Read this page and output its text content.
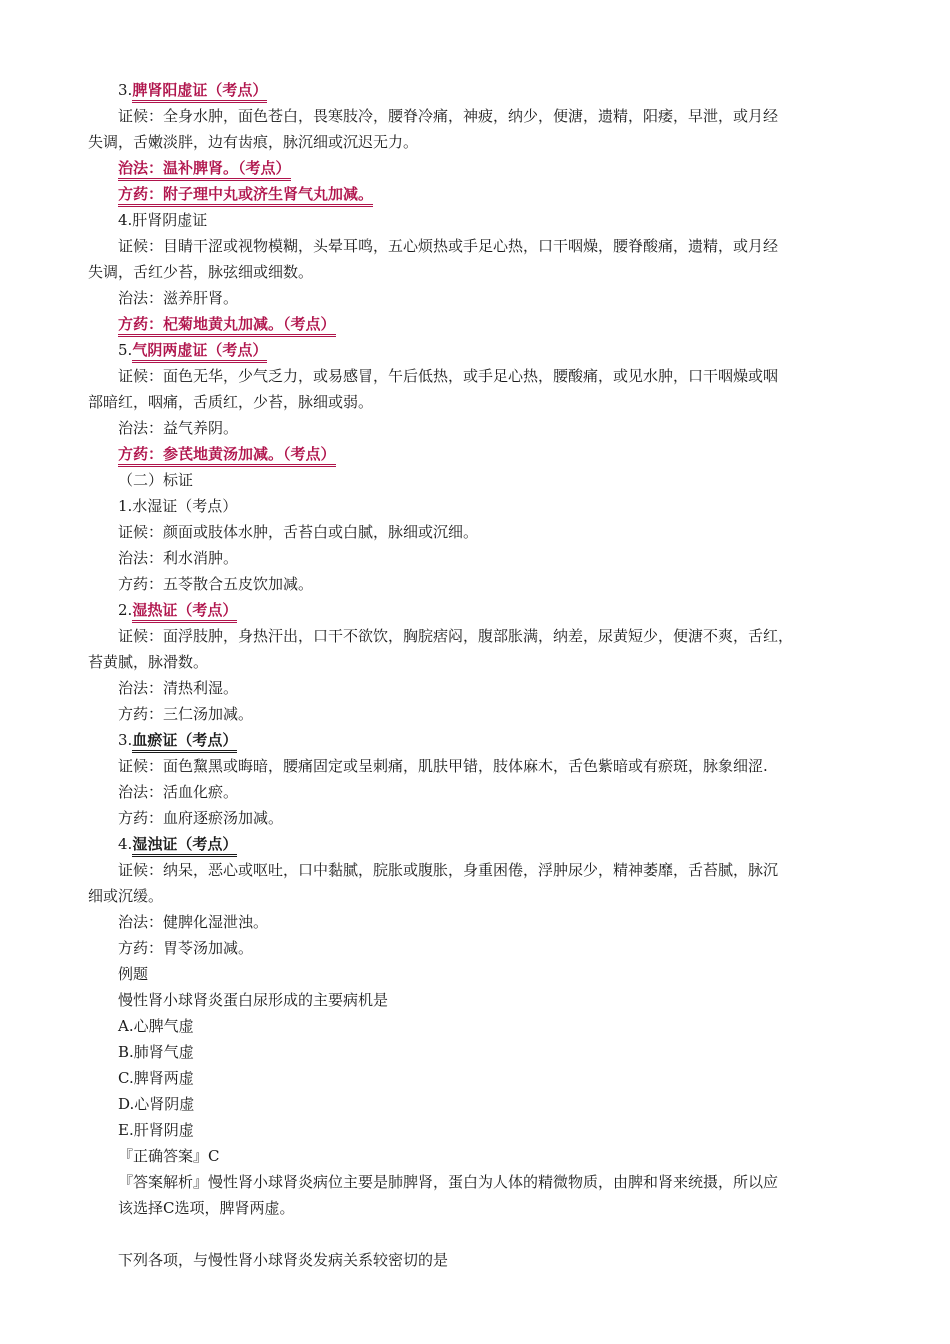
3.脾肾阳虚证（考点）
证候：全身水肿，面色苍白，畏寒肢冷，腰脊冷痛，神疲，纳少，便溏，遗精，阳痿，早泄，或月经
失调，舌嫩淡胖，边有齿痕，脉沉细或沉迟无力。
治法：温补脾肾。（考点）
方药：附子理中丸或济生肾气丸加减。
4.肝肾阴虚证
证候：目睛干涩或视物模糊，头晕耳鸣，五心烦热或手足心热，口干咽燥，腰脊酸痛，遗精，或月经
失调，舌红少苔，脉弦细或细数。
治法：滋养肝肾。
方药：杞菊地黄丸加减。（考点）
5.气阴两虚证（考点）
证候：面色无华，少气乏力，或易感冒，午后低热，或手足心热，腰酸痛，或见水肿，口干咽燥或咽
部暗红，咽痛，舌质红，少苔，脉细或弱。
治法：益气养阴。
方药：参芪地黄汤加减。（考点）
（二）标证
1.水湿证（考点）
证候：颜面或肢体水肿，舌苔白或白腻，脉细或沉细。
治法：利水消肿。
方药：五苓散合五皮饮加减。
2.湿热证（考点）
证候：面浮肢肿，身热汗出，口干不欲饮，胸脘痞闷，腹部胀满，纳差，尿黄短少，便溏不爽，舌红，
苔黄腻，脉滑数。
治法：清热利湿。
方药：三仁汤加减。
3.血瘀证（考点）
证候：面色黧黑或晦暗，腰痛固定或呈刺痛，肌肤甲错，肢体麻木，舌色紫暗或有瘀斑，脉象细涩.
治法：活血化瘀。
方药：血府逐瘀汤加减。
4.湿浊证（考点）
证候：纳呆，恶心或呕吐，口中黏腻，脘胀或腹胀，身重困倦，浮肿尿少，精神萎靡，舌苔腻，脉沉
细或沉缓。
治法：健脾化湿泄浊。
方药：胃苓汤加减。
例题
慢性肾小球肾炎蛋白尿形成的主要病机是
A.心脾气虚
B.肺肾气虚
C.脾肾两虚
D.心肾阴虚
E.肝肾阴虚
『正确答案』C
『答案解析』慢性肾小球肾炎病位主要是肺脾肾，蛋白为人体的精微物质，由脾和肾来统摄，所以应
该选择C选项，脾肾两虚。
下列各项，与慢性肾小球肾炎发病关系较密切的是
